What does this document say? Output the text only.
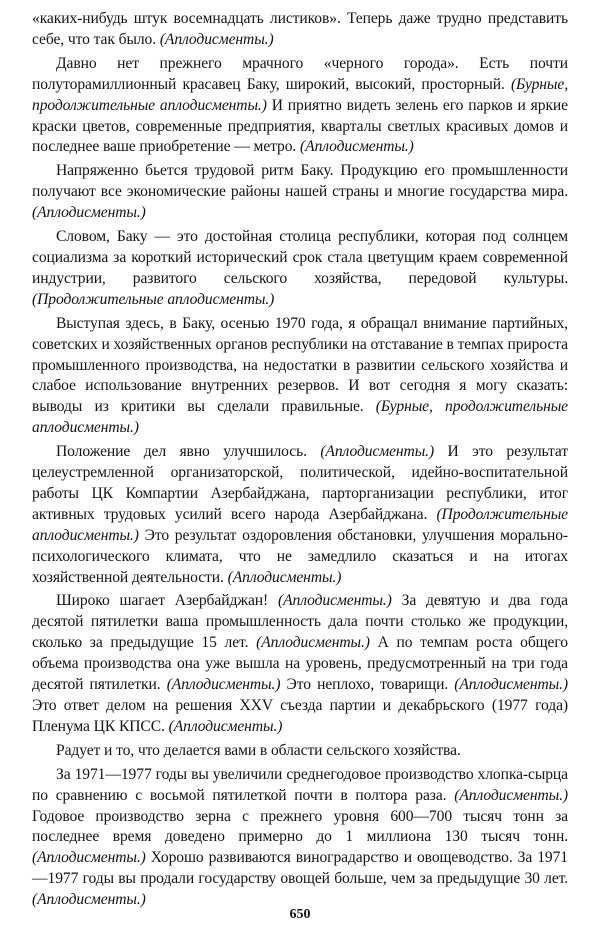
«каких-нибудь штук восемнадцать листиков». Теперь даже трудно представить себе, что так было. (Аплодисменты.)

Давно нет прежнего мрачного «черного города». Есть почти полуторамиллионный красавец Баку, широкий, высокий, просторный. (Бурные, продолжительные аплодисменты.) И приятно видеть зелень его парков и яркие краски цветов, современные предприятия, кварталы светлых красивых домов и последнее ваше приобретение — метро. (Аплодисменты.)

Напряженно бьется трудовой ритм Баку. Продукцию его промышленности получают все экономические районы нашей страны и многие государства мира. (Аплодисменты.)

Словом, Баку — это достойная столица республики, которая под солнцем социализма за короткий исторический срок стала цветущим краем современной индустрии, развитого сельского хозяйства, передовой культуры. (Продолжительные аплодисменты.)

Выступая здесь, в Баку, осенью 1970 года, я обращал внимание партийных, советских и хозяйственных органов республики на отставание в темпах прироста промышленного производства, на недостатки в развитии сельского хозяйства и слабое использование внутренних резервов. И вот сегодня я могу сказать: выводы из критики вы сделали правильные. (Бурные, продолжительные аплодисменты.)

Положение дел явно улучшилось. (Аплодисменты.) И это результат целеустремленной организаторской, политической, идейно-воспитательной работы ЦК Компартии Азербайджана, парторганизации республики, итог активных трудовых усилий всего народа Азербайджана. (Продолжительные аплодисменты.) Это результат оздоровления обстановки, улучшения морально-психологического климата, что не замедлило сказаться и на итогах хозяйственной деятельности. (Аплодисменты.)

Широко шагает Азербайджан! (Аплодисменты.) За девятую и два года десятой пятилетки ваша промышленность дала почти столько же продукции, сколько за предыдущие 15 лет. (Аплодисменты.) А по темпам роста общего объема производства она уже вышла на уровень, предусмотренный на три года десятой пятилетки. (Аплодисменты.) Это неплохо, товарищи. (Аплодисменты.) Это ответ делом на решения XXV съезда партии и декабрьского (1977 года) Пленума ЦК КПСС. (Аплодисменты.)

Радует и то, что делается вами в области сельского хозяйства.

За 1971—1977 годы вы увеличили среднегодовое производство хлопка-сырца по сравнению с восьмой пятилеткой почти в полтора раза. (Аплодисменты.) Годовое производство зерна с прежнего уровня 600—700 тысяч тонн за последнее время доведено примерно до 1 миллиона 130 тысяч тонн. (Аплодисменты.) Хорошо развиваются виноградарство и овощеводство. За 1971—1977 годы вы продали государству овощей больше, чем за предыдущие 30 лет. (Аплодисменты.)

650
